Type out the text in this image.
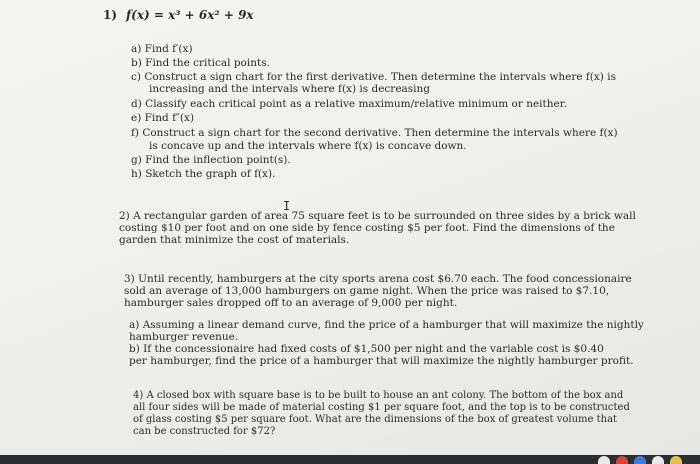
1) f(x) = x³ + 6x² + 9x
a) Find f′(x)
b) Find the critical points.
c) Construct a sign chart for the first derivative. Then determine the intervals where f(x) is
increasing and the intervals where f(x) is decreasing
d) Classify each critical point as a relative maximum/relative minimum or neither.
e) Find f″(x)
f) Construct a sign chart for the second derivative. Then determine the intervals where f(x)
is concave up and the intervals where f(x) is concave down.
g) Find the inflection point(s).
h) Sketch the graph of f(x).
I
2) A rectangular garden of area 75 square feet is to be surrounded on three sides by a brick wall
costing $10 per foot and on one side by fence costing $5 per foot. Find the dimensions of the
garden that minimize the cost of materials.
3) Until recently, hamburgers at the city sports arena cost $6.70 each. The food concessionaire
sold an average of 13,000 hamburgers on game night. When the price was raised to $7.10,
hamburger sales dropped off to an average of 9,000 per night.
a) Assuming a linear demand curve, find the price of a hamburger that will maximize the nightly
hamburger revenue.
b) If the concessionaire had fixed costs of $1,500 per night and the variable cost is $0.40
per hamburger, find the price of a hamburger that will maximize the nightly hamburger profit.
4) A closed box with square base is to be built to house an ant colony. The bottom of the box and
all four sides will be made of material costing $1 per square foot, and the top is to be constructed
of glass costing $5 per square foot. What are the dimensions of the box of greatest volume that
can be constructed for $72?
